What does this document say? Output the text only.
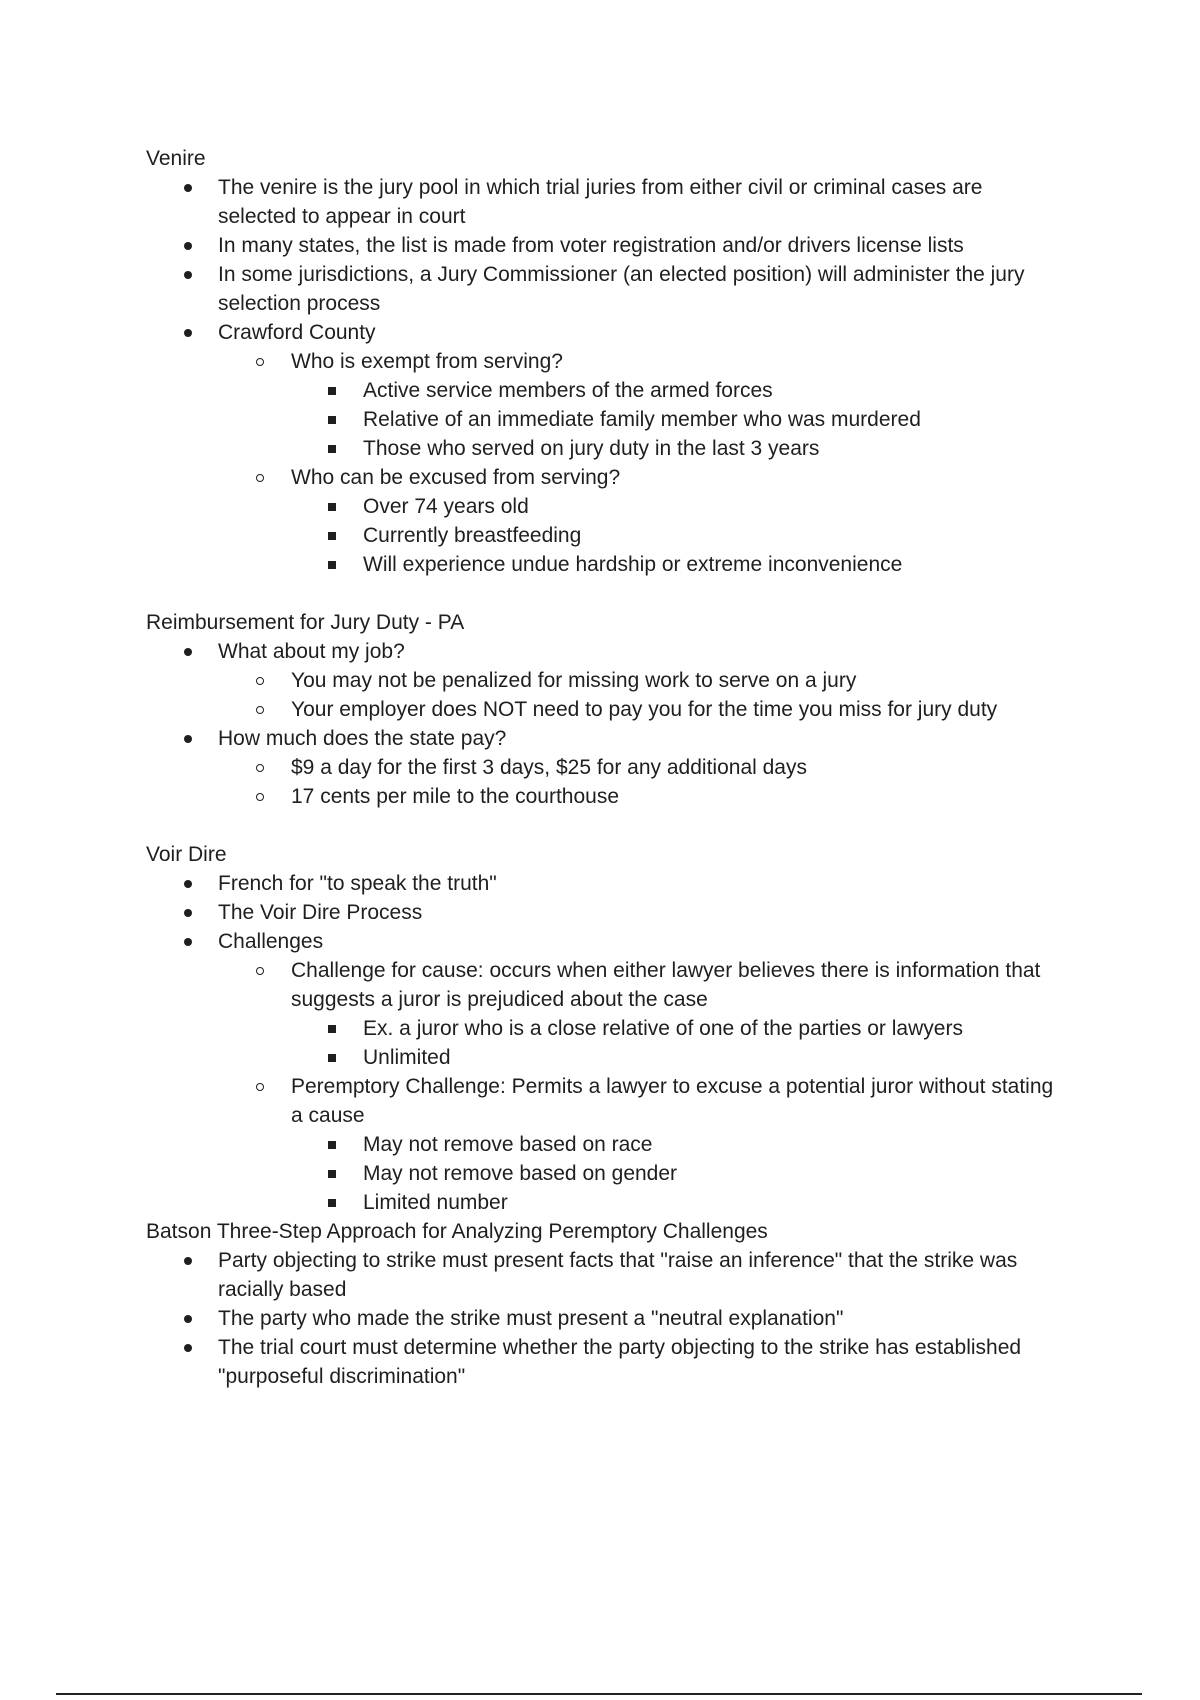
Venire

The venire is the jury pool in which trial juries from either civil or criminal cases are selected to appear in court
In many states, the list is made from voter registration and/or drivers license lists
In some jurisdictions, a Jury Commissioner (an elected position) will administer the jury selection process
Crawford County
Who is exempt from serving?
Active service members of the armed forces
Relative of an immediate family member who was murdered
Those who served on jury duty in the last 3 years
Who can be excused from serving?
Over 74 years old
Currently breastfeeding
Will experience undue hardship or extreme inconvenience

Reimbursement for Jury Duty - PA

What about my job?
You may not be penalized for missing work to serve on a jury
Your employer does NOT need to pay you for the time you miss for jury duty
How much does the state pay?
$9 a day for the first 3 days, $25 for any additional days
17 cents per mile to the courthouse

Voir Dire

French for "to speak the truth"
The Voir Dire Process
Challenges
Challenge for cause: occurs when either lawyer believes there is information that suggests a juror is prejudiced about the case
Ex. a juror who is a close relative of one of the parties or lawyers
Unlimited
Peremptory Challenge: Permits a lawyer to excuse a potential juror without stating a cause
May not remove based on race
May not remove based on gender
Limited number

Batson Three-Step Approach for Analyzing Peremptory Challenges

Party objecting to strike must present facts that "raise an inference" that the strike was racially based
The party who made the strike must present a "neutral explanation"
The trial court must determine whether the party objecting to the strike has established "purposeful discrimination"
